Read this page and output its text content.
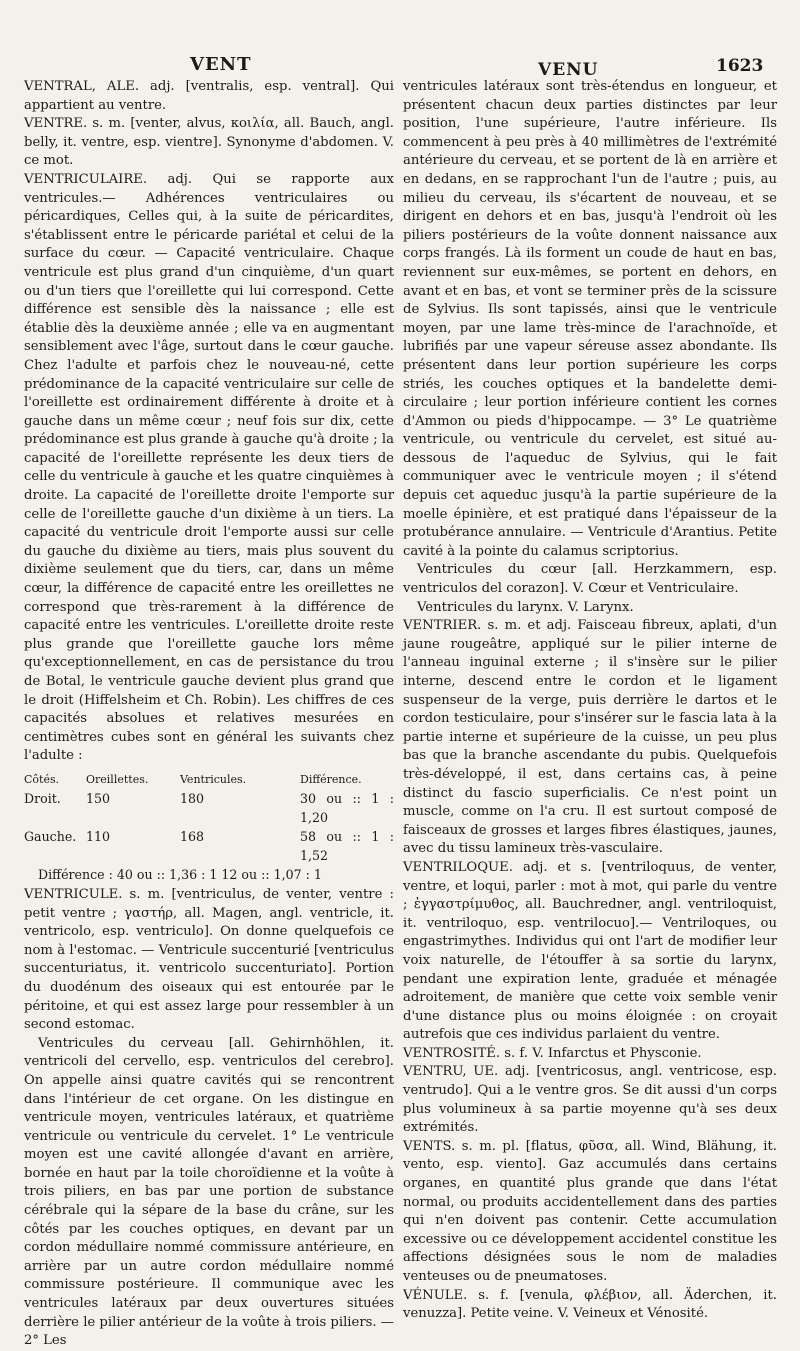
VENT	VENU	1623

VENTRAL, ALE. adj. [ventralis, esp. ventral]. Qui appartient au ventre.

VENTRE. s. m. [venter, alvus, κοιλία, all. Bauch, angl. belly, it. ventre, esp. vientre]. Synonyme d'abdomen. V. ce mot.

VENTRICULAIRE. adj. Qui se rapporte aux ventricules.— Adhérences ventriculaires ou péricardiques, Celles qui, à la suite de péricardites, s'établissent entre le péricarde pariétal et celui de la surface du cœur. — Capacité ventriculaire. Chaque ventricule est plus grand d'un cinquième, d'un quart ou d'un tiers que l'oreillette qui lui correspond. Cette différence est sensible dès la naissance ; elle est établie dès la deuxième année ; elle va en augmentant sensiblement avec l'âge, surtout dans le cœur gauche. Chez l'adulte et parfois chez le nouveau-né, cette prédominance de la capacité ventriculaire sur celle de l'oreillette est ordinairement différente à droite et à gauche dans un même cœur ; neuf fois sur dix, cette prédominance est plus grande à gauche qu'à droite ; la capacité de l'oreillette représente les deux tiers de celle du ventricule à gauche et les quatre cinquièmes à droite. La capacité de l'oreillette droite l'emporte sur celle de l'oreillette gauche d'un dixième à un tiers. La capacité du ventricule droit l'emporte aussi sur celle du gauche du dixième au tiers, mais plus souvent du dixième seulement que du tiers, car, dans un même cœur, la différence de capacité entre les oreillettes ne correspond que très-rarement à la différence de capacité entre les ventricules. L'oreillette droite reste plus grande que l'oreillette gauche lors même qu'exceptionnellement, en cas de persistance du trou de Botal, le ventricule gauche devient plus grand que le droit (Hiffelsheim et Ch. Robin). Les chiffres de ces capacités absolues et relatives mesurées en centimètres cubes sont en général les suivants chez l'adulte :

Côtés.	Oreillettes.	Ventricules.	Différence.
Droit.	150	180	30 ou :: 1 : 1,20
Gauche. 110	168	58 ou :: 1 : 1,52
Différence : 40 ou :: 1,36 : 1 12 ou :: 1,07 : 1

VENTRICULE. s. m. [ventriculus, de venter, ventre : petit ventre ; γαστήρ, all. Magen, angl. ventricle, it. ventricolo, esp. ventriculo]. On donne quelquefois ce nom à l'estomac. — Ventricule succenturié [ventriculus succenturiatus, it. ventricolo succenturiato]. Portion du duodénum des oiseaux qui est entourée par le péritoine, et qui est assez large pour ressembler à un second estomac.

Ventricules du cerveau [all. Gehirnhöhlen, it. ventricoli del cervello, esp. ventriculos del cerebro]. On appelle ainsi quatre cavités qui se rencontrent dans l'intérieur de cet organe. On les distingue en ventricule moyen, ventricules latéraux, et quatrième ventricule ou ventricule du cervelet. 1° Le ventricule moyen est une cavité allongée d'avant en arrière, bornée en haut par la toile choroïdienne et la voûte à trois piliers, en bas par une portion de substance cérébrale qui la sépare de la base du crâne, sur les côtés par les couches optiques, en devant par un cordon médullaire nommé commissure antérieure, en arrière par un autre cordon médullaire nommé commissure postérieure. Il communique avec les ventricules latéraux par deux ouvertures situées derrière le pilier antérieur de la voûte à trois piliers. — 2° Les

ventricules latéraux sont très-étendus en longueur, et présentent chacun deux parties distinctes par leur position, l'une supérieure, l'autre inférieure. Ils commencent à peu près à 40 millimètres de l'extrémité antérieure du cerveau, et se portent de là en arrière et en dedans, en se rapprochant l'un de l'autre ; puis, au milieu du cerveau, ils s'écartent de nouveau, et se dirigent en dehors et en bas, jusqu'à l'endroit où les piliers postérieurs de la voûte donnent naissance aux corps frangés. Là ils forment un coude de haut en bas, reviennent sur eux-mêmes, se portent en dehors, en avant et en bas, et vont se terminer près de la scissure de Sylvius. Ils sont tapissés, ainsi que le ventricule moyen, par une lame très-mince de l'arachnoïde, et lubrifiés par une vapeur séreuse assez abondante. Ils présentent dans leur portion supérieure les corps striés, les couches optiques et la bandelette demi-circulaire ; leur portion inférieure contient les cornes d'Ammon ou pieds d'hippocampe. — 3° Le quatrième ventricule, ou ventricule du cervelet, est situé au-dessous de l'aqueduc de Sylvius, qui le fait communiquer avec le ventricule moyen ; il s'étend depuis cet aqueduc jusqu'à la partie supérieure de la moelle épinière, et est pratiqué dans l'épaisseur de la protubérance annulaire. — Ventricule d'Arantius. Petite cavité à la pointe du calamus scriptorius.

Ventricules du cœur [all. Herzkammern, esp. ventriculos del corazon]. V. Cœur et Ventriculaire.

Ventricules du larynx. V. Larynx.

VENTRIER. s. m. et adj. Faisceau fibreux, aplati, d'un jaune rougeâtre, appliqué sur le pilier interne de l'anneau inguinal externe ; il s'insère sur le pilier interne, descend entre le cordon et le ligament suspenseur de la verge, puis derrière le dartos et le cordon testiculaire, pour s'insérer sur le fascia lata à la partie interne et supérieure de la cuisse, un peu plus bas que la branche ascendante du pubis. Quelquefois très-développé, il est, dans certains cas, à peine distinct du fascio superficialis. Ce n'est point un muscle, comme on l'a cru. Il est surtout composé de faisceaux de grosses et larges fibres élastiques, jaunes, avec du tissu lamineux très-vasculaire.

VENTRILOQUE. adj. et s. [ventriloquus, de venter, ventre, et loqui, parler : mot à mot, qui parle du ventre ; ἐγγαστρίμυθος, all. Bauchredner, angl. ventriloquist, it. ventriloquo, esp. ventrilocuo].— Ventriloques, ou engastrimythes. Individus qui ont l'art de modifier leur voix naturelle, de l'étouffer à sa sortie du larynx, pendant une expiration lente, graduée et ménagée adroitement, de manière que cette voix semble venir d'une distance plus ou moins éloignée : on croyait autrefois que ces individus parlaient du ventre.

VENTROSITÉ. s. f. V. Infarctus et Physconie.

VENTRU, UE. adj. [ventricosus, angl. ventricose, esp. ventrudo]. Qui a le ventre gros. Se dit aussi d'un corps plus volumineux à sa partie moyenne qu'à ses deux extrémités.

VENTS. s. m. pl. [flatus, φῦσα, all. Wind, Blähung, it. vento, esp. viento]. Gaz accumulés dans certains organes, en quantité plus grande que dans l'état normal, ou produits accidentellement dans des parties qui n'en doivent pas contenir. Cette accumulation excessive ou ce développement accidentel constitue les affections désignées sous le nom de maladies venteuses ou de pneumatoses.

VÉNULE. s. f. [venula, φλέβιον, all. Äderchen, it. venuzza]. Petite veine. V. Veineux et Vénosité.
